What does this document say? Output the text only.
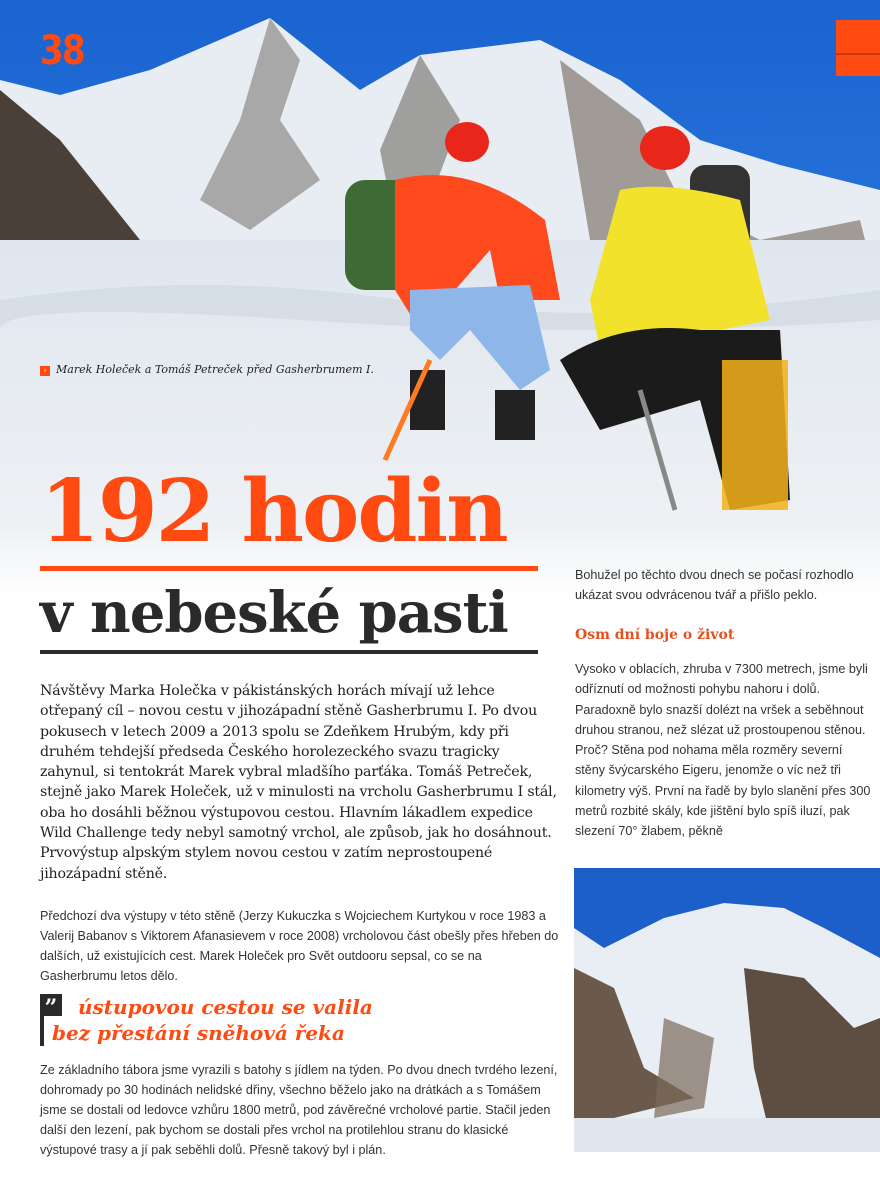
38
› Marek Holeček a Tomáš Petreček před Gasherbrumem I.
192 hodin
v nebeské pasti

Návštěvy Marka Holečka v pákistánských horách mívají už lehce otřepaný cíl – novou cestu v jihozápadní stěně Gasherbrumu I. Po dvou pokusech v letech 2009 a 2013 spolu se Zdeňkem Hrubým, kdy při druhém tehdejší předseda Českého horolezeckého svazu tragicky zahynul, si tentokrát Marek vybral mladšího parťáka. Tomáš Petreček, stejně jako Marek Holeček, už v minulosti na vrcholu Gasherbrumu I stál, oba ho dosáhli běžnou výstupovou cestou. Hlavním lákadlem expedice Wild Challenge tedy nebyl samotný vrchol, ale způsob, jak ho dosáhnout. Prvovýstup alpským stylem novou cestou v zatím neprostoupené jihozápadní stěně.

Předchozí dva výstupy v této stěně (Jerzy Kukuczka s Wojciechem Kurtykou v roce 1983 a Valerij Babanov s Viktorem Afanasievem v roce 2008) vrcholovou část obešly přes hřeben do dalších, už existujících cest. Marek Holeček pro Svět outdooru sepsal, co se na Gasherbrumu letos dělo.

”	ústupovou cestou se valila
bez přestání sněhová řeka

Ze základního tábora jsme vyrazili s batohy s jídlem na týden. Po dvou dnech tvrdého lezení, dohromady po 30 hodinách nelidské dřiny, všechno běželo jako na drátkách a s Tomášem jsme se dostali od ledovce vzhůru 1800 metrů, pod závěrečné vrcholové partie. Stačil jeden další den lezení, pak bychom se dostali přes vrchol na protilehlou stranu do klasické výstupové trasy a jí pak seběhli dolů. Přesně takový byl i plán.

Bohužel po těchto dvou dnech se počasí rozhodlo ukázat svou odvrácenou tvář a přišlo peklo.

Osm dní boje o život

Vysoko v oblacích, zhruba v 7300 metrech, jsme byli odříznutí od možnosti pohybu nahoru i dolů. Paradoxně bylo snazší dolézt na vršek a seběhnout druhou stranou, než slézat už prostoupenou stěnou. Proč? Stěna pod nohama měla rozměry severní stěny švýcarského Eigeru, jenomže o víc než tři kilometry výš. První na řadě by bylo slanění přes 300 metrů rozbité skály, kde jištění bylo spíš iluzí, pak slezení 70° žlabem, pěkně
